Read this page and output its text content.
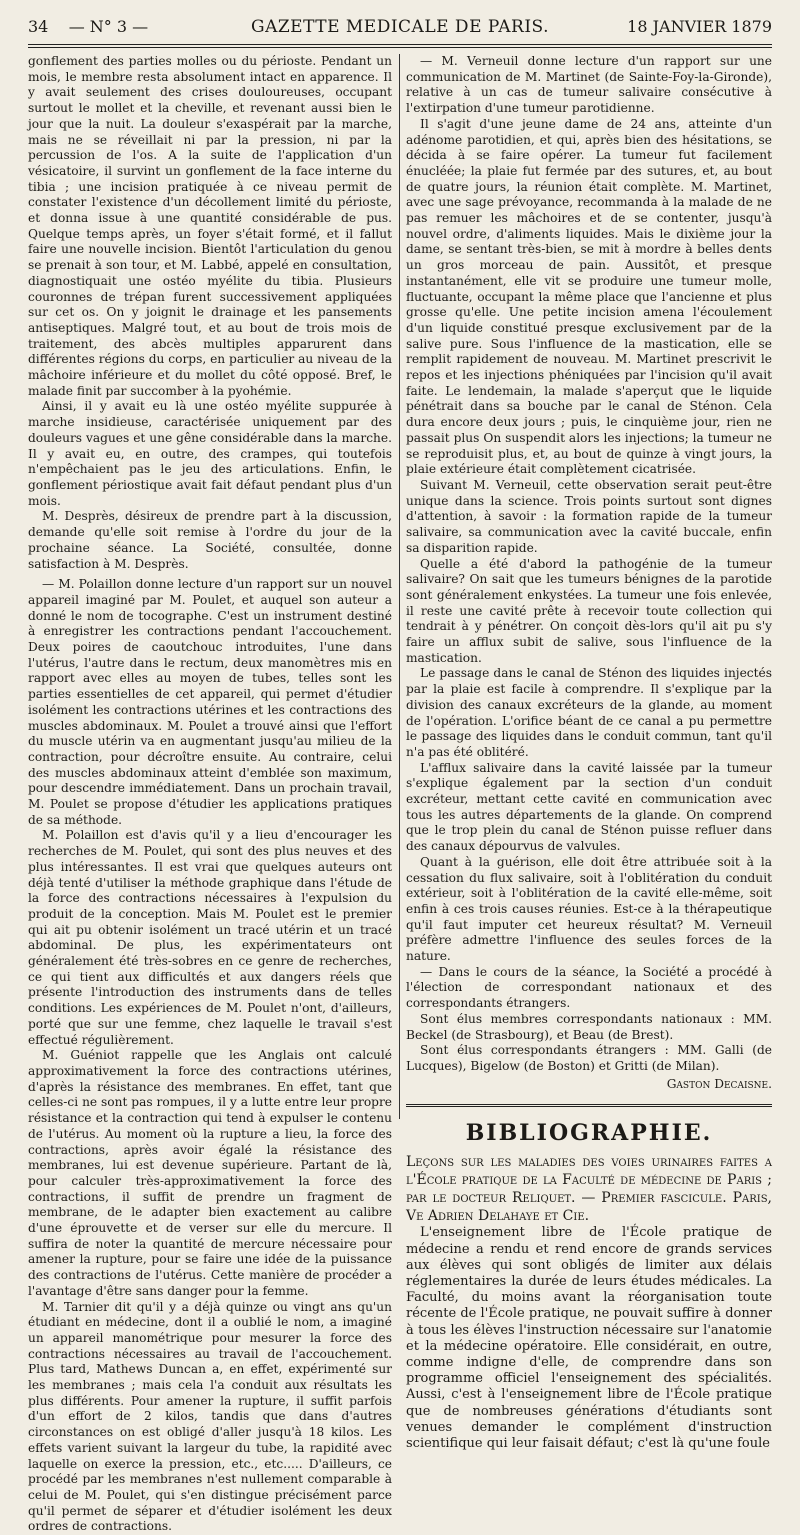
34 — N° 3 —	GAZETTE MEDICALE DE PARIS.	18 JANVIER 1879

gonflement des parties molles ou du périoste. Pendant un mois, le membre resta absolument intact en apparence. Il y avait seulement des crises douloureuses, occupant surtout le mollet et la cheville, et revenant aussi bien le jour que la nuit. La douleur s'exaspérait par la marche, mais ne se réveillait ni par la pression, ni par la percussion de l'os. A la suite de l'application d'un vésicatoire, il survint un gonflement de la face interne du tibia ; une incision pratiquée à ce niveau permit de constater l'existence d'un décollement limité du périoste, et donna issue à une quantité considérable de pus. Quelque temps après, un foyer s'était formé, et il fallut faire une nouvelle incision. Bientôt l'articulation du genou se prenait à son tour, et M. Labbé, appelé en consultation, diagnostiquait une ostéo myélite du tibia. Plusieurs couronnes de trépan furent successivement appliquées sur cet os. On y joignit le drainage et les pansements antiseptiques. Malgré tout, et au bout de trois mois de traitement, des abcès multiples apparurent dans différentes régions du corps, en particulier au niveau de la mâchoire inférieure et du mollet du côté opposé. Bref, le malade finit par succomber à la pyohémie.

Ainsi, il y avait eu là une ostéo myélite suppurée à marche insidieuse, caractérisée uniquement par des douleurs vagues et une gêne considérable dans la marche. Il y avait eu, en outre, des crampes, qui toutefois n'empêchaient pas le jeu des articulations. Enfin, le gonflement périostique avait fait défaut pendant plus d'un mois.

M. Desprès, désireux de prendre part à la discussion, demande qu'elle soit remise à l'ordre du jour de la prochaine séance. La Société, consultée, donne satisfaction à M. Desprès.

— M. Polaillon donne lecture d'un rapport sur un nouvel appareil imaginé par M. Poulet, et auquel son auteur a donné le nom de tocographe. C'est un instrument destiné à enregistrer les contractions pendant l'accouchement. Deux poires de caoutchouc introduites, l'une dans l'utérus, l'autre dans le rectum, deux manomètres mis en rapport avec elles au moyen de tubes, telles sont les parties essentielles de cet appareil, qui permet d'étudier isolément les contractions utérines et les contractions des muscles abdominaux. M. Poulet a trouvé ainsi que l'effort du muscle utérin va en augmentant jusqu'au milieu de la contraction, pour décroître ensuite. Au contraire, celui des muscles abdominaux atteint d'emblée son maximum, pour descendre immédiatement. Dans un prochain travail, M. Poulet se propose d'étudier les applications pratiques de sa méthode.

M. Polaillon est d'avis qu'il y a lieu d'encourager les recherches de M. Poulet, qui sont des plus neuves et des plus intéressantes. Il est vrai que quelques auteurs ont déjà tenté d'utiliser la méthode graphique dans l'étude de la force des contractions nécessaires à l'expulsion du produit de la conception. Mais M. Poulet est le premier qui ait pu obtenir isolément un tracé utérin et un tracé abdominal. De plus, les expérimentateurs ont généralement été très-sobres en ce genre de recherches, ce qui tient aux difficultés et aux dangers réels que présente l'introduction des instruments dans de telles conditions. Les expériences de M. Poulet n'ont, d'ailleurs, porté que sur une femme, chez laquelle le travail s'est effectué régulièrement.

M. Guéniot rappelle que les Anglais ont calculé approximativement la force des contractions utérines, d'après la résistance des membranes. En effet, tant que celles-ci ne sont pas rompues, il y a lutte entre leur propre résistance et la contraction qui tend à expulser le contenu de l'utérus. Au moment où la rupture a lieu, la force des contractions, après avoir égalé la résistance des membranes, lui est devenue supérieure. Partant de là, pour calculer très-approximativement la force des contractions, il suffit de prendre un fragment de membrane, de le adapter bien exactement au calibre d'une éprouvette et de verser sur elle du mercure. Il suffira de noter la quantité de mercure nécessaire pour amener la rupture, pour se faire une idée de la puissance des contractions de l'utérus. Cette manière de procéder a l'avantage d'être sans danger pour la femme.

M. Tarnier dit qu'il y a déjà quinze ou vingt ans qu'un étudiant en médecine, dont il a oublié le nom, a imaginé un appareil manométrique pour mesurer la force des contractions nécessaires au travail de l'accouchement. Plus tard, Mathews Duncan a, en effet, expérimenté sur les membranes ; mais cela l'a conduit aux résultats les plus différents. Pour amener la rupture, il suffit parfois d'un effort de 2 kilos, tandis que dans d'autres circonstances on est obligé d'aller jusqu'à 18 kilos. Les effets varient suivant la largeur du tube, la rapidité avec laquelle on exerce la pression, etc., etc..... D'ailleurs, ce procédé par les membranes n'est nullement comparable à celui de M. Poulet, qui s'en distingue précisément parce qu'il permet de séparer et d'étudier isolément les deux ordres de contractions.

— M. Verneuil donne lecture d'un rapport sur une communication de M. Martinet (de Sainte-Foy-la-Gironde), relative à un cas de tumeur salivaire consécutive à l'extirpation d'une tumeur parotidienne.

Il s'agit d'une jeune dame de 24 ans, atteinte d'un adénome parotidien, et qui, après bien des hésitations, se décida à se faire opérer. La tumeur fut facilement énucléée; la plaie fut fermée par des sutures, et, au bout de quatre jours, la réunion était complète. M. Martinet, avec une sage prévoyance, recommanda à la malade de ne pas remuer les mâchoires et de se contenter, jusqu'à nouvel ordre, d'aliments liquides. Mais le dixième jour la dame, se sentant très-bien, se mit à mordre à belles dents un gros morceau de pain. Aussitôt, et presque instantanément, elle vit se produire une tumeur molle, fluctuante, occupant la même place que l'ancienne et plus grosse qu'elle. Une petite incision amena l'écoulement d'un liquide constitué presque exclusivement par de la salive pure. Sous l'influence de la mastication, elle se remplit rapidement de nouveau. M. Martinet prescrivit le repos et les injections phéniquées par l'incision qu'il avait faite. Le lendemain, la malade s'aperçut que le liquide pénétrait dans sa bouche par le canal de Sténon. Cela dura encore deux jours ; puis, le cinquième jour, rien ne passait plus On suspendit alors les injections; la tumeur ne se reproduisit plus, et, au bout de quinze à vingt jours, la plaie extérieure était complètement cicatrisée.

Suivant M. Verneuil, cette observation serait peut-être unique dans la science. Trois points surtout sont dignes d'attention, à savoir : la formation rapide de la tumeur salivaire, sa communication avec la cavité buccale, enfin sa disparition rapide.

Quelle a été d'abord la pathogénie de la tumeur salivaire? On sait que les tumeurs bénignes de la parotide sont généralement enkystées. La tumeur une fois enlevée, il reste une cavité prête à recevoir toute collection qui tendrait à y pénétrer. On conçoit dès-lors qu'il ait pu s'y faire un afflux subit de salive, sous l'influence de la mastication.

Le passage dans le canal de Sténon des liquides injectés par la plaie est facile à comprendre. Il s'explique par la division des canaux excréteurs de la glande, au moment de l'opération. L'orifice béant de ce canal a pu permettre le passage des liquides dans le conduit commun, tant qu'il n'a pas été oblitéré.

L'afflux salivaire dans la cavité laissée par la tumeur s'explique également par la section d'un conduit excréteur, mettant cette cavité en communication avec tous les autres départements de la glande. On comprend que le trop plein du canal de Sténon puisse refluer dans des canaux dépourvus de valvules.

Quant à la guérison, elle doit être attribuée soit à la cessation du flux salivaire, soit à l'oblitération du conduit extérieur, soit à l'oblitération de la cavité elle-même, soit enfin à ces trois causes réunies. Est-ce à la thérapeutique qu'il faut imputer cet heureux résultat? M. Verneuil préfère admettre l'influence des seules forces de la nature.

— Dans le cours de la séance, la Société a procédé à l'élection de correspondant nationaux et des correspondants étrangers.

Sont élus membres correspondants nationaux : MM. Beckel (de Strasbourg), et Beau (de Brest).

Sont élus correspondants étrangers : MM. Galli (de Lucques), Bigelow (de Boston) et Gritti (de Milan).

Gaston Decaisne.
BIBLIOGRAPHIE.

Leçons sur les maladies des voies urinaires faites a l'École pratique de la Faculté de médecine de Paris ; par le docteur Reliquet. — Premier fascicule. Paris, Ve Adrien Delahaye et Cie.

L'enseignement libre de l'École pratique de médecine a rendu et rend encore de grands services aux élèves qui sont obligés de limiter aux délais réglementaires la durée de leurs études médicales. La Faculté, du moins avant la réorganisation toute récente de l'École pratique, ne pouvait suffire à donner à tous les élèves l'instruction nécessaire sur l'anatomie et la médecine opératoire. Elle considérait, en outre, comme indigne d'elle, de comprendre dans son programme officiel l'enseignement des spécialités. Aussi, c'est à l'enseignement libre de l'École pratique que de nombreuses générations d'étudiants sont venues demander le complément d'instruction scientifique qui leur faisait défaut; c'est là qu'une foule
